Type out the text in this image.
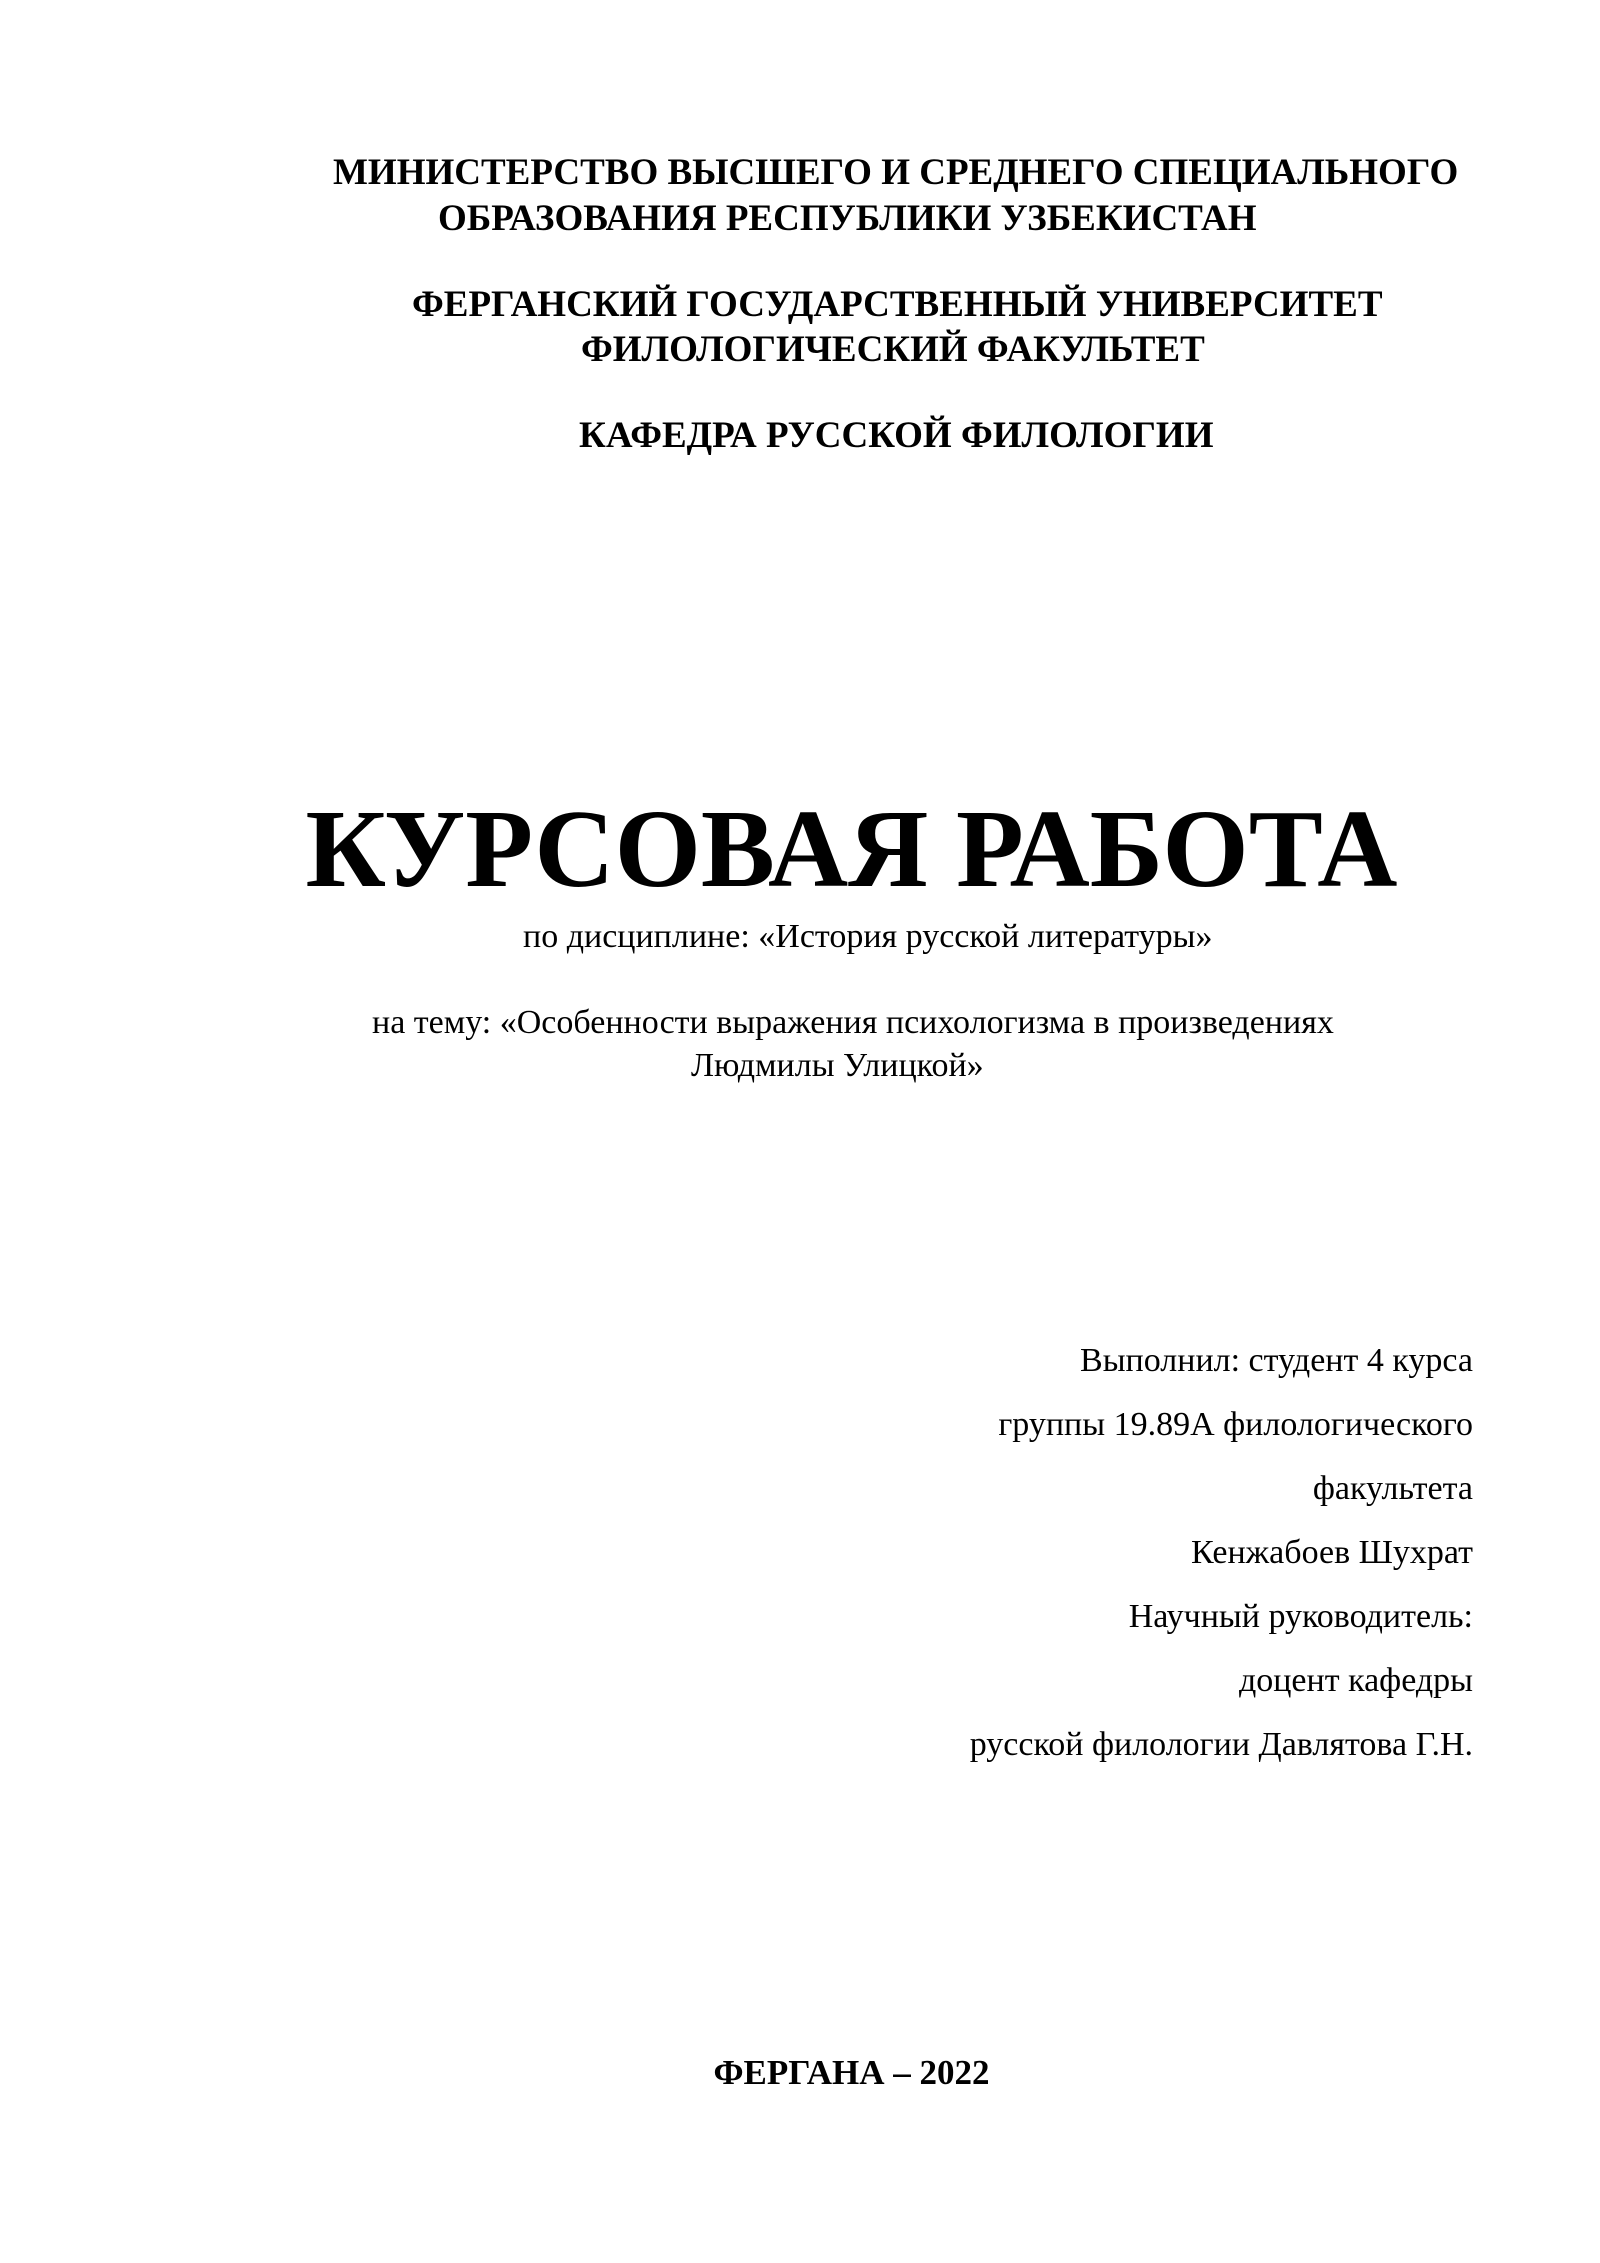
МИНИСТЕРСТВО ВЫСШЕГО И СРЕДНЕГО СПЕЦИАЛЬНОГО
ОБРАЗОВАНИЯ РЕСПУБЛИКИ УЗБЕКИСТАН
ФЕРГАНСКИЙ ГОСУДАРСТВЕННЫЙ УНИВЕРСИТЕТ
ФИЛОЛОГИЧЕСКИЙ ФАКУЛЬТЕТ
КАФЕДРА РУССКОЙ ФИЛОЛОГИИ
КУРСОВАЯ РАБОТА
по дисциплине: «История русской литературы»
на тему: «Особенности выражения психологизма в произведениях
Людмилы Улицкой»
Выполнил: студент 4 курса
группы 19.89А филологического
факультета
Кенжабоев Шухрат
Научный руководитель:
доцент кафедры
русской филологии Давлятова Г.Н.
ФЕРГАНА – 2022
